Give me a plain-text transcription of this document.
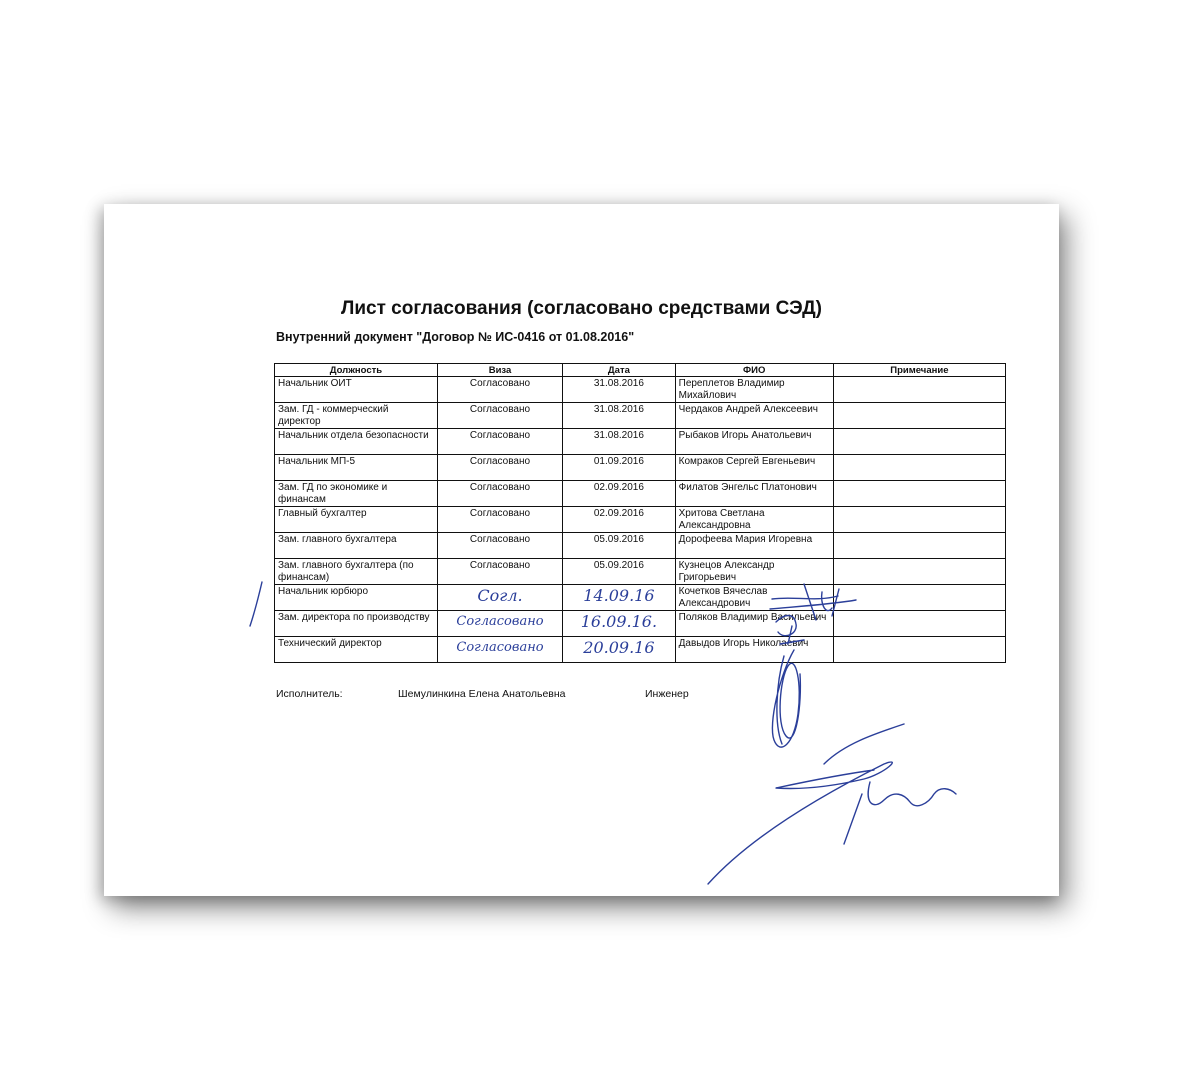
Лист согласования (согласовано средствами СЭД)
Внутренний документ "Договор № ИС-0416 от 01.08.2016"
Должность	Виза	Дата	ФИО	Примечание
Начальник ОИТ	Согласовано	31.08.2016	Переплетов Владимир Михайлович	
Зам. ГД - коммерческий директор	Согласовано	31.08.2016	Чердаков Андрей Алексеевич	
Начальник отдела безопасности	Согласовано	31.08.2016	Рыбаков Игорь Анатольевич	
Начальник МП-5	Согласовано	01.09.2016	Комраков Сергей Евгеньевич	
Зам. ГД по экономике и финансам	Согласовано	02.09.2016	Филатов Энгельс Платонович	
Главный бухгалтер	Согласовано	02.09.2016	Хритова Светлана Александровна	
Зам. главного бухгалтера	Согласовано	05.09.2016	Дорофеева Мария Игоревна	
Зам. главного бухгалтера (по финансам)	Согласовано	05.09.2016	Кузнецов Александр Григорьевич	
Начальник юрбюро	Согл.	14.09.16	Кочетков Вячеслав Александрович	
Зам. директора по производству	Согласовано	16.09.16.	Поляков Владимир Васильевич	
Технический директор	Согласовано	20.09.16	Давыдов Игорь Николаевич	
Исполнитель:	Шемулинкина Елена Анатольевна	Инженер
